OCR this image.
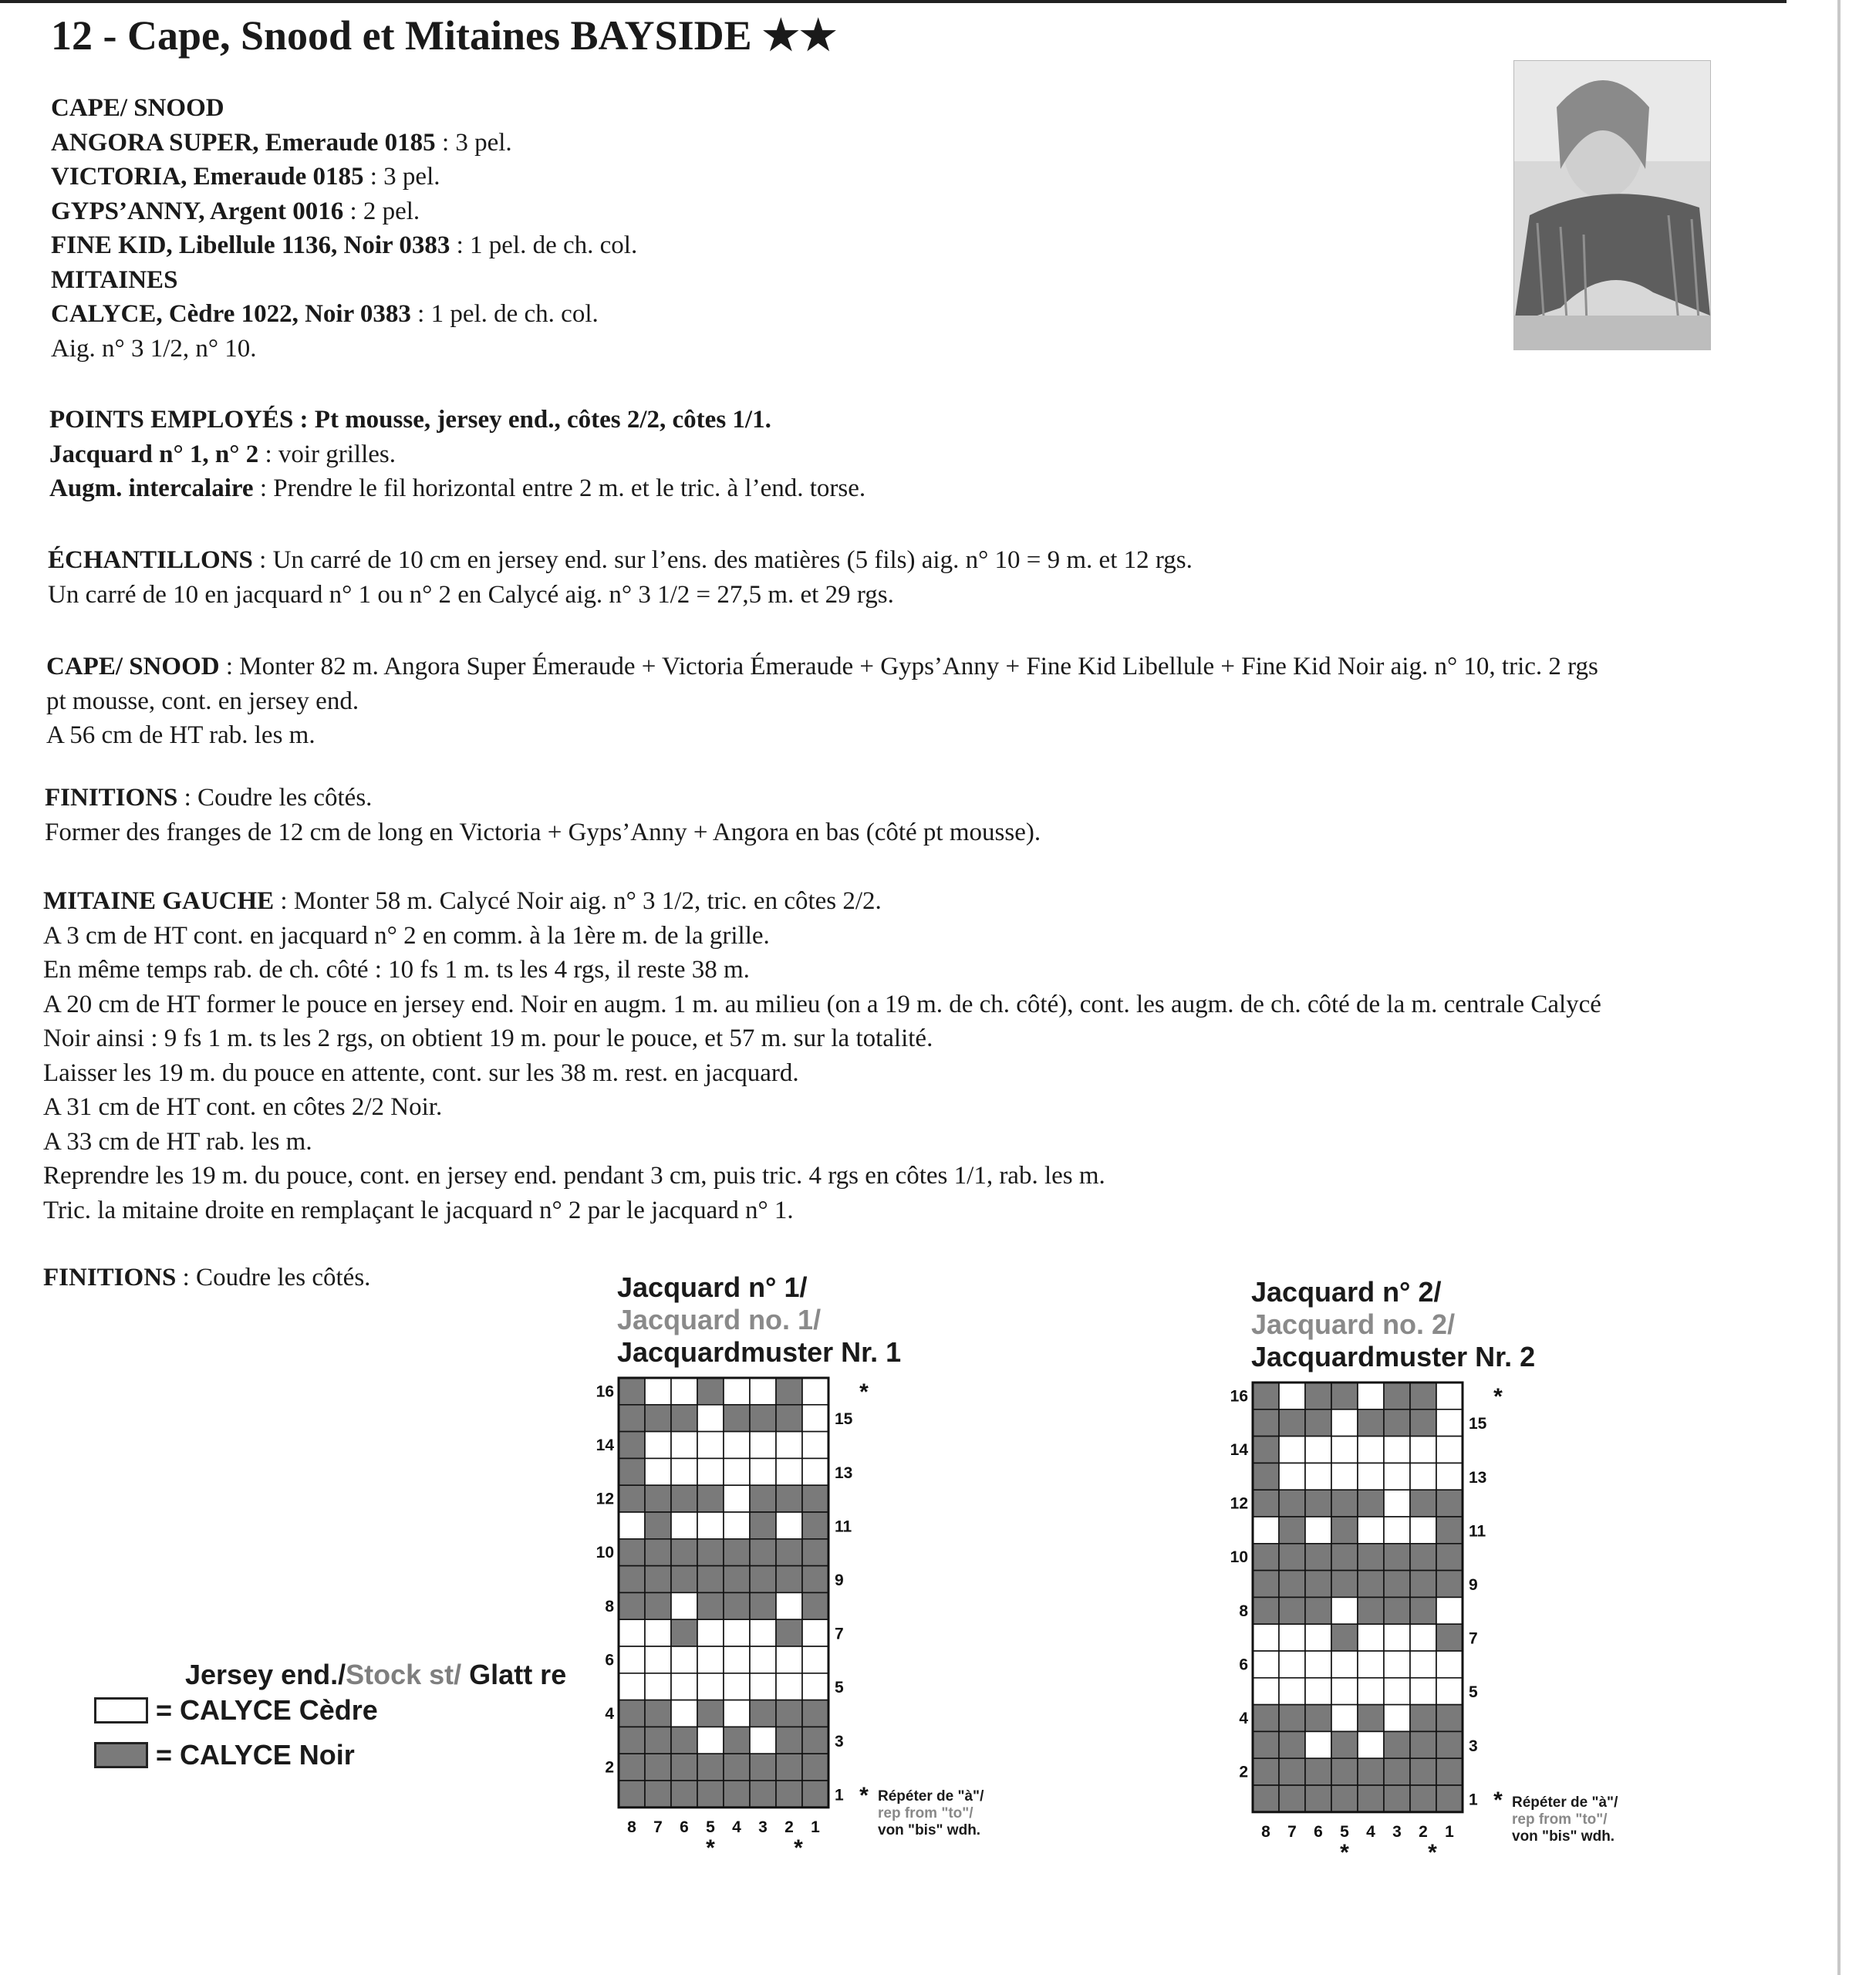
12 - Cape, Snood et Mitaines BAYSIDE ★★
CAPE/ SNOOD
ANGORA SUPER, Emeraude 0185 : 3 pel.
VICTORIA, Emeraude 0185 : 3 pel.
GYPS’ANNY, Argent 0016 : 2 pel.
FINE KID, Libellule 1136, Noir 0383 : 1 pel. de ch. col.
MITAINES
CALYCE, Cèdre 1022, Noir 0383 : 1 pel. de ch. col.
Aig. n° 3 1/2, n° 10.
POINTS EMPLOYÉS : Pt mousse, jersey end., côtes 2/2, côtes 1/1.
Jacquard n° 1, n° 2 : voir grilles.
Augm. intercalaire : Prendre le fil horizontal entre 2 m. et le tric. à l’end. torse.
ÉCHANTILLONS : Un carré de 10 cm en jersey end. sur l’ens. des matières (5 fils) aig. n° 10 = 9 m. et 12 rgs.
Un carré de 10 en jacquard n° 1 ou n° 2 en Calycé aig. n° 3 1/2 = 27,5 m. et 29 rgs.
CAPE/ SNOOD : Monter 82 m. Angora Super Émeraude + Victoria Émeraude + Gyps’Anny + Fine Kid Libellule + Fine Kid Noir aig. n° 10, tric. 2 rgs
pt mousse, cont. en jersey end.
A 56 cm de HT rab. les m.
FINITIONS : Coudre les côtés.
Former des franges de 12 cm de long en Victoria + Gyps’Anny + Angora en bas (côté pt mousse).
MITAINE GAUCHE : Monter 58 m. Calycé Noir aig. n° 3 1/2, tric. en côtes 2/2.
A 3 cm de HT cont. en jacquard n° 2 en comm. à la 1ère m. de la grille.
En même temps rab. de ch. côté : 10 fs 1 m. ts les 4 rgs, il reste 38 m.
A 20 cm de HT former le pouce en jersey end. Noir en augm. 1 m. au milieu (on a 19 m. de ch. côté), cont. les augm. de ch. côté de la m. centrale Calycé
Noir ainsi : 9 fs 1 m. ts les 2 rgs, on obtient 19 m. pour le pouce, et 57 m. sur la totalité.
Laisser les 19 m. du pouce en attente, cont. sur les 38 m. rest. en jacquard.
A 31 cm de HT cont. en côtes 2/2 Noir.
A 33 cm de HT rab. les m.
Reprendre les 19 m. du pouce, cont. en jersey end. pendant 3 cm, puis tric. 4 rgs en côtes 1/1, rab. les m.
Tric. la mitaine droite en remplaçant le jacquard n° 2 par le jacquard n° 1.
FINITIONS : Coudre les côtés.
Jersey end./Stock st/ Glatt re
= CALYCE Cèdre
= CALYCE Noir
Jacquard n° 1/
Jacquard no. 1/
Jacquardmuster Nr. 1
16
14
12
10
8
6
4
2
15
13
11
9
7
5
3
1
8 7 6 5 4 3 2 1
*
*
*	*
Répéter de "à"/
rep from "to"/
von "bis" wdh.
Jacquard n° 2/
Jacquard no. 2/
Jacquardmuster Nr. 2
16
14
12
10
8
6
4
2
15
13
11
9
7
5
3
1
8 7 6 5 4 3 2 1
*
*
*	*
Répéter de "à"/
rep from "to"/
von "bis" wdh.
